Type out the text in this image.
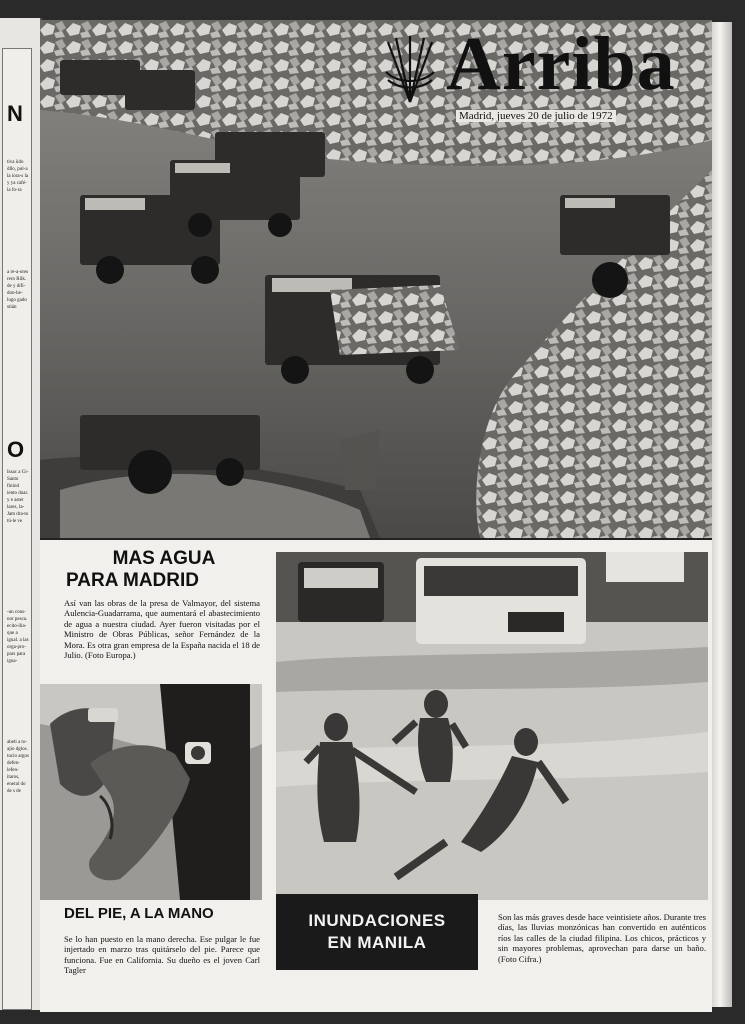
N
tiva iido dllo, pul-a la iora-s la y ya café-la fo-ra
a re-a-ores rero Rilk. de y difi-don-he-lugo gado stián
O
Issac a Gi-Santo finind iento duar. y e aster lares, la-Jam dra-to tú-le ve
-un cons-nor pesca. ecito-ilia-que a igual. a las orga-pro-pars para igua-
abeti a to-ajio dglos. tucio argos defen-lefen-itaros, eneral do de s de
Arriba
Madrid, jueves 20 de julio de 1972
MAS AGUA
PARA MADRID
Así van las obras de la presa de Valmayor, del sistema Aulencia-Guadarrama, que aumentará el abastecimiento de agua a nuestra ciudad. Ayer fueron visitadas por el Ministro de Obras Públicas, señor Fernández de la Mora. Es otra gran empresa de la España nacida el 18 de Julio. (Foto Europa.)
DEL PIE, A LA MANO
Se lo han puesto en la mano derecha. Ese pulgar le fue injertado en marzo tras quitárselo del pie. Parece que funciona. Fue en California. Su dueño es el joven Carl Tagler
INUNDACIONES
EN MANILA
Son las más graves desde hace veintisiete años. Durante tres días, las lluvias monzónicas han convertido en auténticos ríos las calles de la ciudad filipina. Los chicos, prácticos y sin mayores problemas, aprovechan para darse un baño. (Foto Cifra.)
